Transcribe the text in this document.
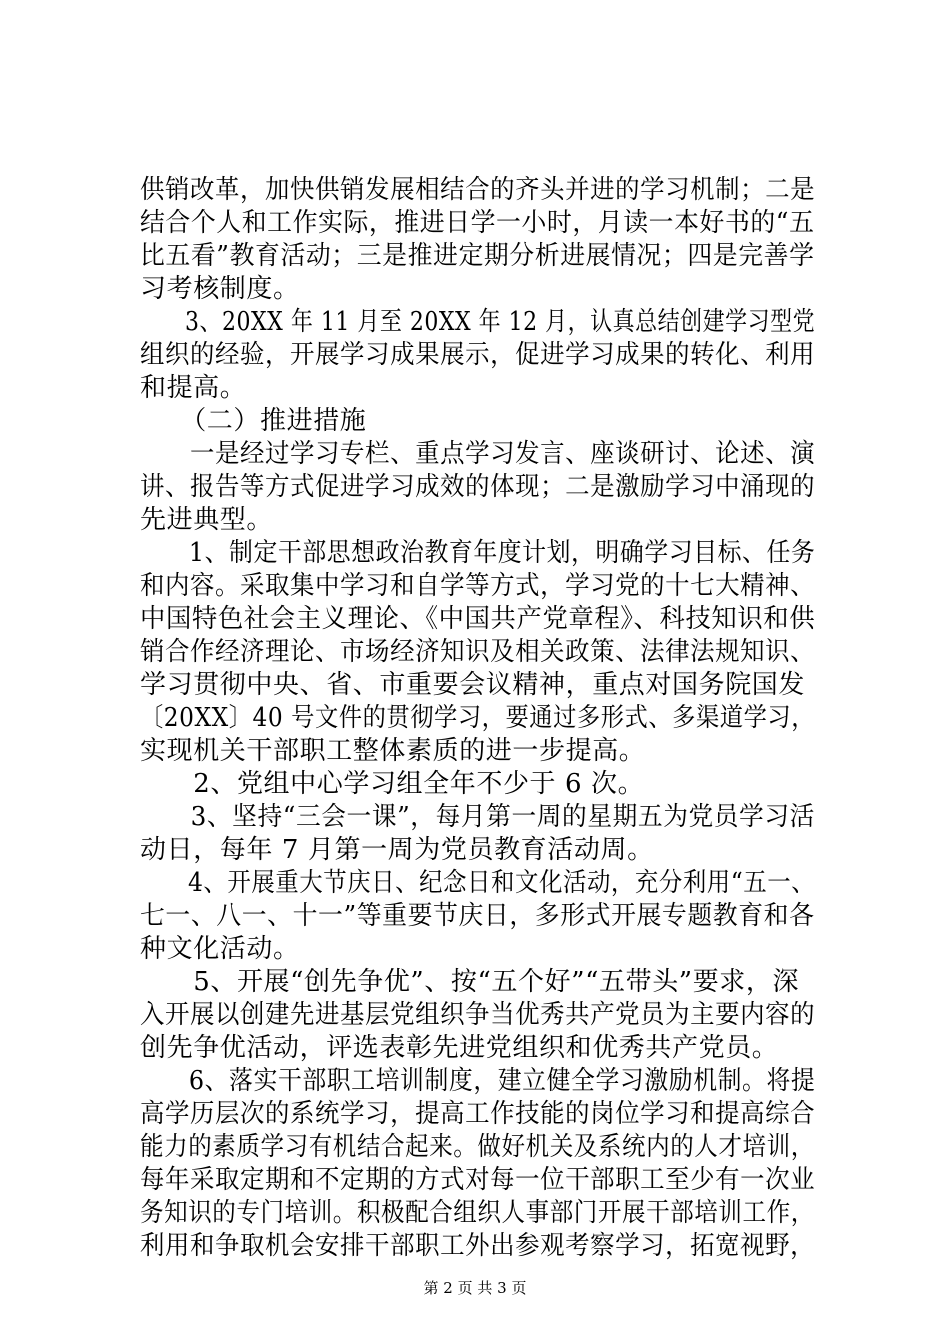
供销改革，加快供销发展相结合的齐头并进的学习机制；二是
结合个人和工作实际，推进日学一小时，月读一本好书的“五
比五看”教育活动；三是推进定期分析进展情况；四是完善学
习考核制度。
　　3、20XX 年 11 月至 20XX 年 12 月，认真总结创建学习型党
组织的经验，开展学习成果展示，促进学习成果的转化、利用
和提高。
　　（二）推进措施
　　一是经过学习专栏、重点学习发言、座谈研讨、论述、演
讲、报告等方式促进学习成效的体现；二是激励学习中涌现的
先进典型。
　　1、制定干部思想政治教育年度计划，明确学习目标、任务
和内容。采取集中学习和自学等方式，学习党的十七大精神、
中国特色社会主义理论、《中国共产党章程》、科技知识和供
销合作经济理论、市场经济知识及相关政策、法律法规知识、
学习贯彻中央、省、市重要会议精神，重点对国务院国发
〔20XX〕40 号文件的贯彻学习，要通过多形式、多渠道学习，
实现机关干部职工整体素质的进一步提高。
　　2、党组中心学习组全年不少于 6 次。
　　3、坚持“三会一课”，每月第一周的星期五为党员学习活
动日，每年 7 月第一周为党员教育活动周。
　　4、开展重大节庆日、纪念日和文化活动，充分利用“五一、
七一、八一、十一”等重要节庆日，多形式开展专题教育和各
种文化活动。
　　5、开展“创先争优”、按“五个好”“五带头”要求，深
入开展以创建先进基层党组织争当优秀共产党员为主要内容的
创先争优活动，评选表彰先进党组织和优秀共产党员。
　　6、落实干部职工培训制度，建立健全学习激励机制。将提
高学历层次的系统学习，提高工作技能的岗位学习和提高综合
能力的素质学习有机结合起来。做好机关及系统内的人才培训，
每年采取定期和不定期的方式对每一位干部职工至少有一次业
务知识的专门培训。积极配合组织人事部门开展干部培训工作，
利用和争取机会安排干部职工外出参观考察学习，拓宽视野，
第 2 页 共 3 页
